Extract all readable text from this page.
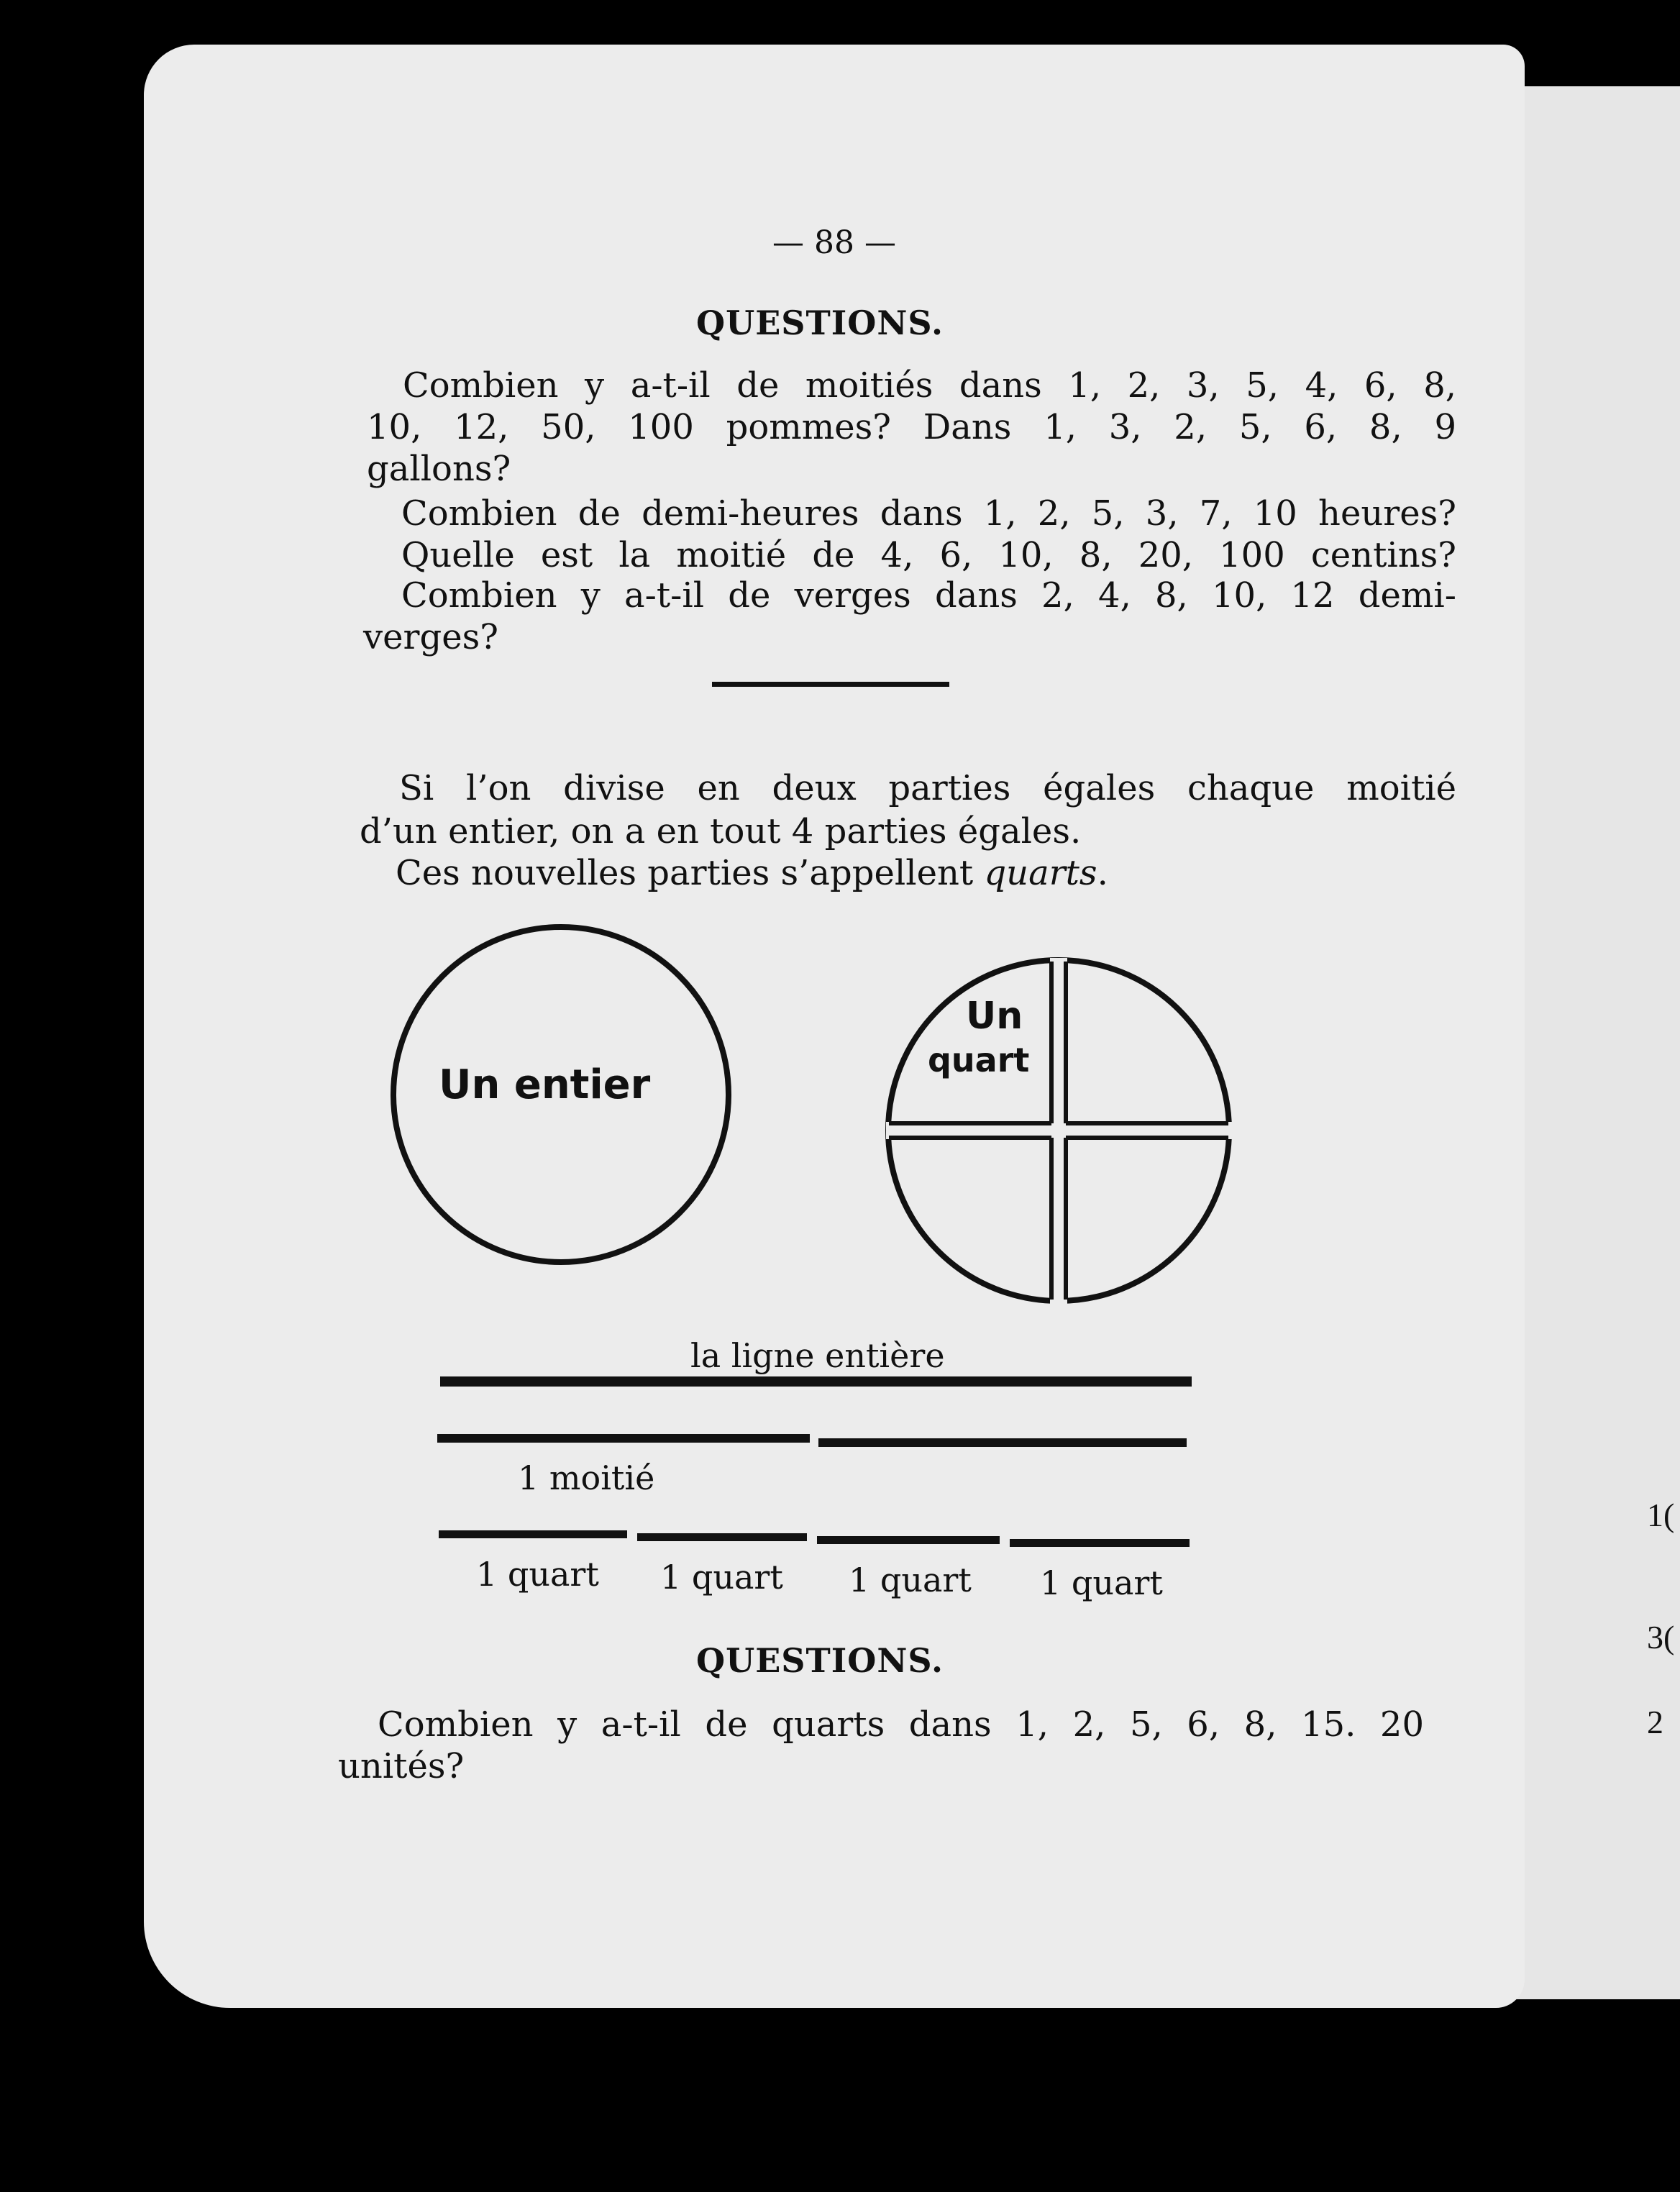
1(
3(
2
— 88 —
QUESTIONS.
Combien y a-t-il de moitiés dans 1, 2, 3, 5, 4, 6, 8,
10, 12, 50, 100 pommes? Dans 1, 3, 2, 5, 6, 8, 9
gallons?
Combien de demi-heures dans 1, 2, 5, 3, 7, 10 heures?
Quelle est la moitié de 4, 6, 10, 8, 20, 100 centins?
Combien y a-t-il de verges dans 2, 4, 8, 10, 12 demi-
verges?
Si l’on divise en deux parties égales chaque moitié
d’un entier, on a en tout 4 parties égales.
Ces nouvelles parties s’appellent quarts.
Un entier
Un
quart
la ligne entière
1 moitié
1 quart 1 quart 1 quart 1 quart
QUESTIONS.
Combien y a-t-il de quarts dans 1, 2, 5, 6, 8, 15. 20
unités?
